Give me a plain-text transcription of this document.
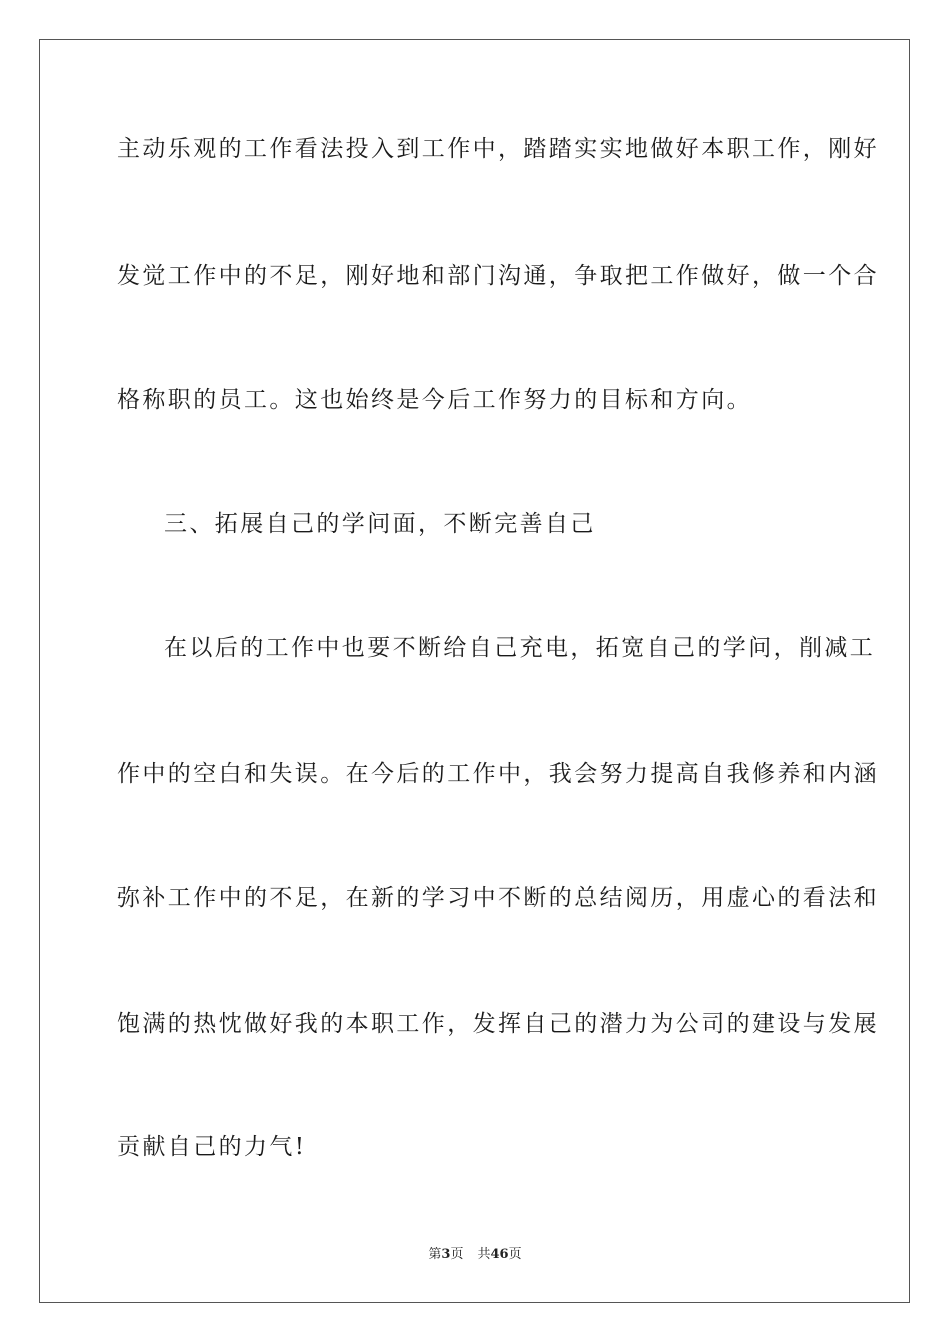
主动乐观的工作看法投入到工作中，踏踏实实地做好本职工作，刚好
发觉工作中的不足，刚好地和部门沟通，争取把工作做好，做一个合
格称职的员工。这也始终是今后工作努力的目标和方向。
三、拓展自己的学问面，不断完善自己
在以后的工作中也要不断给自己充电，拓宽自己的学问，削减工
作中的空白和失误。在今后的工作中，我会努力提高自我修养和内涵
弥补工作中的不足，在新的学习中不断的总结阅历，用虚心的看法和
饱满的热忱做好我的本职工作，发挥自己的潜力为公司的建设与发展
贡献自己的力气!
第3页 共46页
